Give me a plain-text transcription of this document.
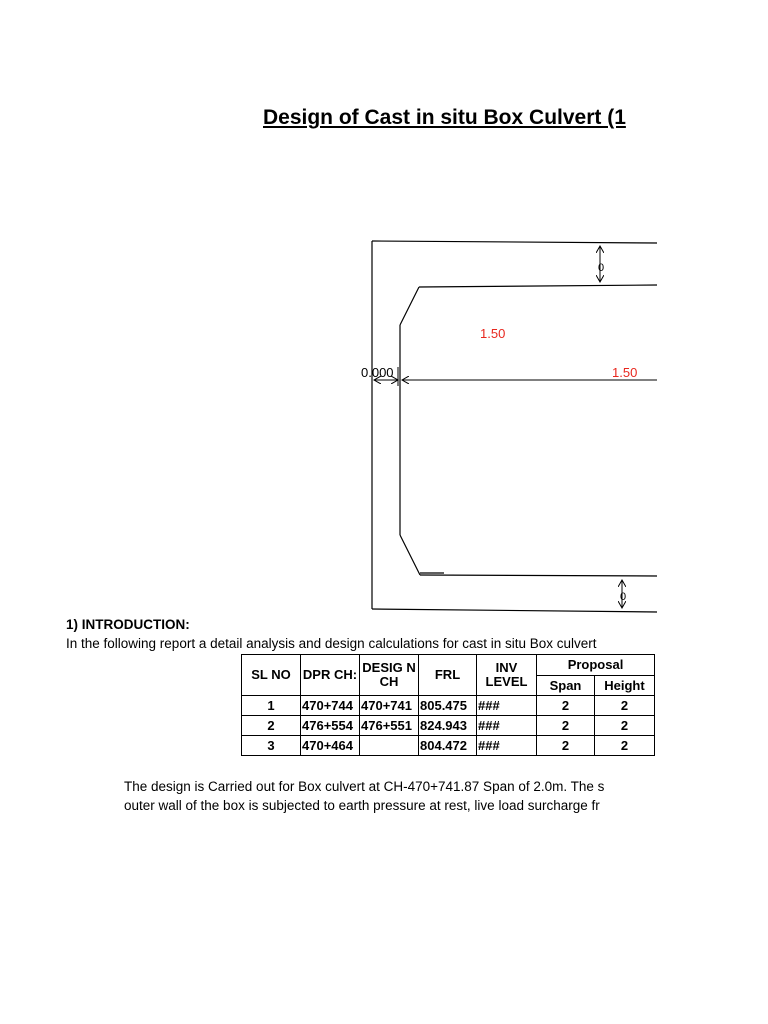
Design of Cast in situ Box Culvert (1
0
0
0.000	1.50
1.50
1) INTRODUCTION:
In the following report a detail analysis and design calculations for cast in situ Box culvert
SL NO	DPR CH:	DESIG N CH	FRL	INV LEVEL	Proposal	
					Span	Height
1	470+744	470+741	805.475	###	2	2
2	476+554	476+551	824.943	###	2	2
3	470+464		804.472	###	2	2
The design is Carried out for Box culvert at CH-470+741.87 Span of 2.0m. The s
outer wall of the box is subjected to earth pressure at rest, live load surcharge fr
